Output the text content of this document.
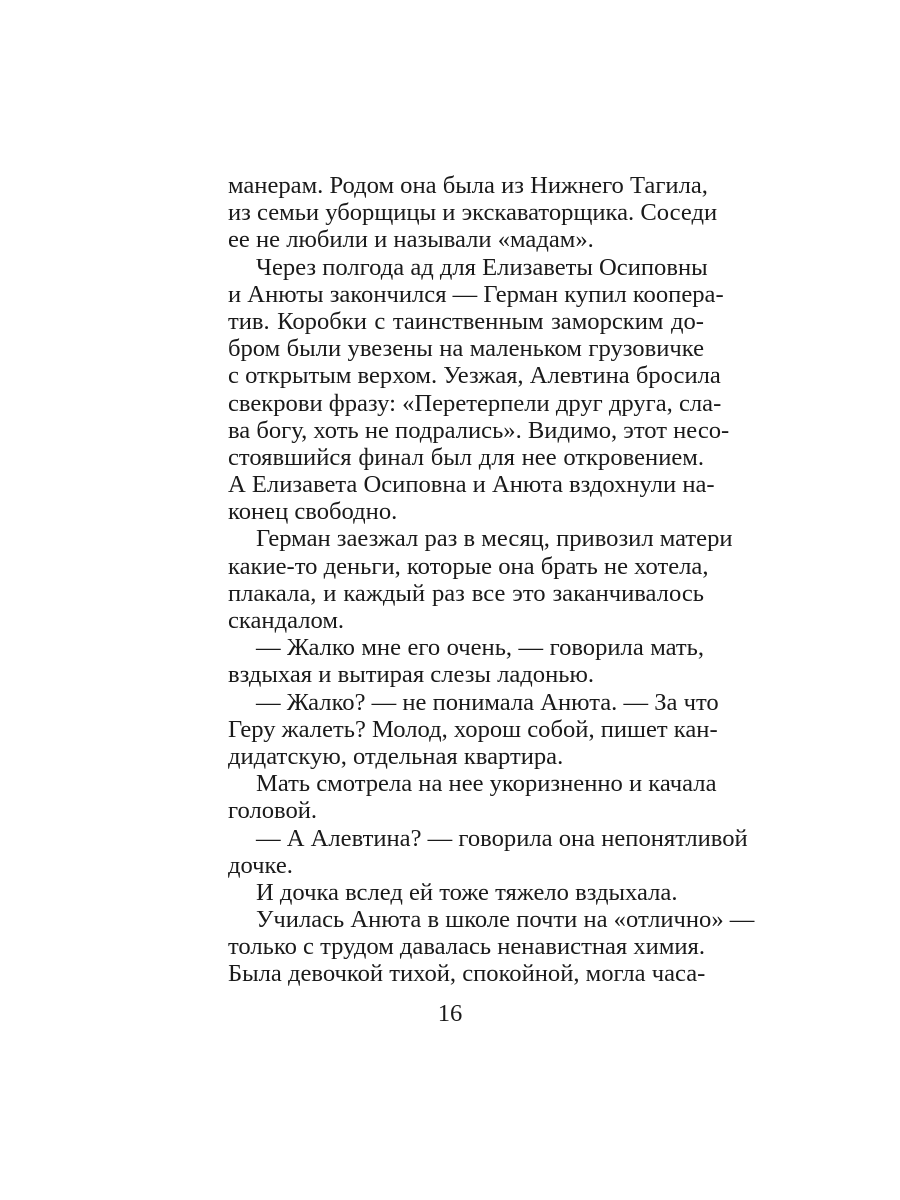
манерам. Родом она была из Нижнего Тагила,
из семьи уборщицы и экскаваторщика. Соседи
ее не любили и называли «мадам».
Через полгода ад для Елизаветы Осиповны
и Анюты закончился — Герман купил коопера-
тив. Коробки с таинственным заморским до-
бром были увезены на маленьком грузовичке
с открытым верхом. Уезжая, Алевтина бросила
свекрови фразу: «Перетерпели друг друга, сла-
ва богу, хоть не подрались». Видимо, этот несо-
стоявшийся финал был для нее откровением.
А Елизавета Осиповна и Анюта вздохнули на-
конец свободно.
Герман заезжал раз в месяц, привозил матери
какие-то деньги, которые она брать не хотела,
плакала, и каждый раз все это заканчивалось
скандалом.
— Жалко мне его очень, — говорила мать,
вздыхая и вытирая слезы ладонью.
— Жалко? — не понимала Анюта. — За что
Геру жалеть? Молод, хорош собой, пишет кан-
дидатскую, отдельная квартира.
Мать смотрела на нее укоризненно и качала
головой.
— А Алевтина? — говорила она непонятливой
дочке.
И дочка вслед ей тоже тяжело вздыхала.
Училась Анюта в школе почти на «отлично» —
только с трудом давалась ненавистная химия.
Была девочкой тихой, спокойной, могла часа-
16
